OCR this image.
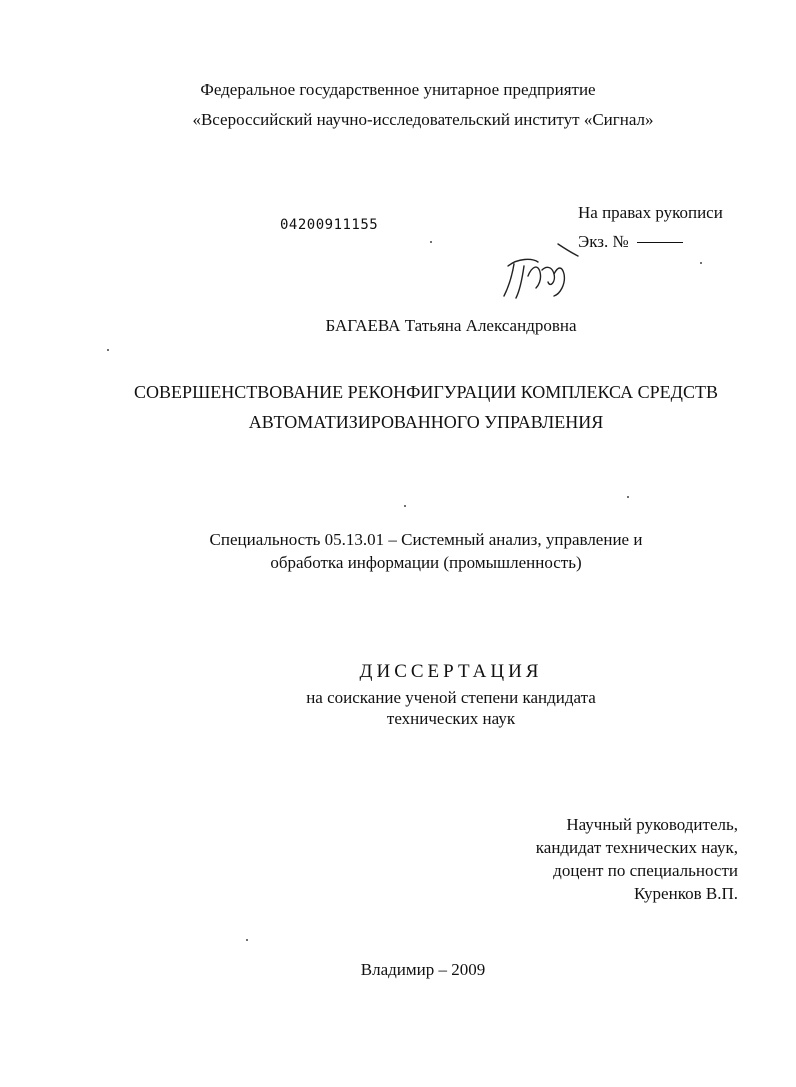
Федеральное государственное унитарное предприятие
«Всероссийский научно-исследовательский институт «Сигнал»
04200911155
На правах рукописи
Экз. №
БАГАЕВА Татьяна Александровна
СОВЕРШЕНСТВОВАНИЕ РЕКОНФИГУРАЦИИ КОМПЛЕКСА СРЕДСТВ
АВТОМАТИЗИРОВАННОГО УПРАВЛЕНИЯ
Специальность 05.13.01 – Системный анализ, управление и
обработка информации (промышленность)
ДИССЕРТАЦИЯ
на соискание ученой степени кандидата
технических наук
Научный руководитель,
кандидат технических наук,
доцент по специальности
Куренков В.П.
Владимир – 2009
